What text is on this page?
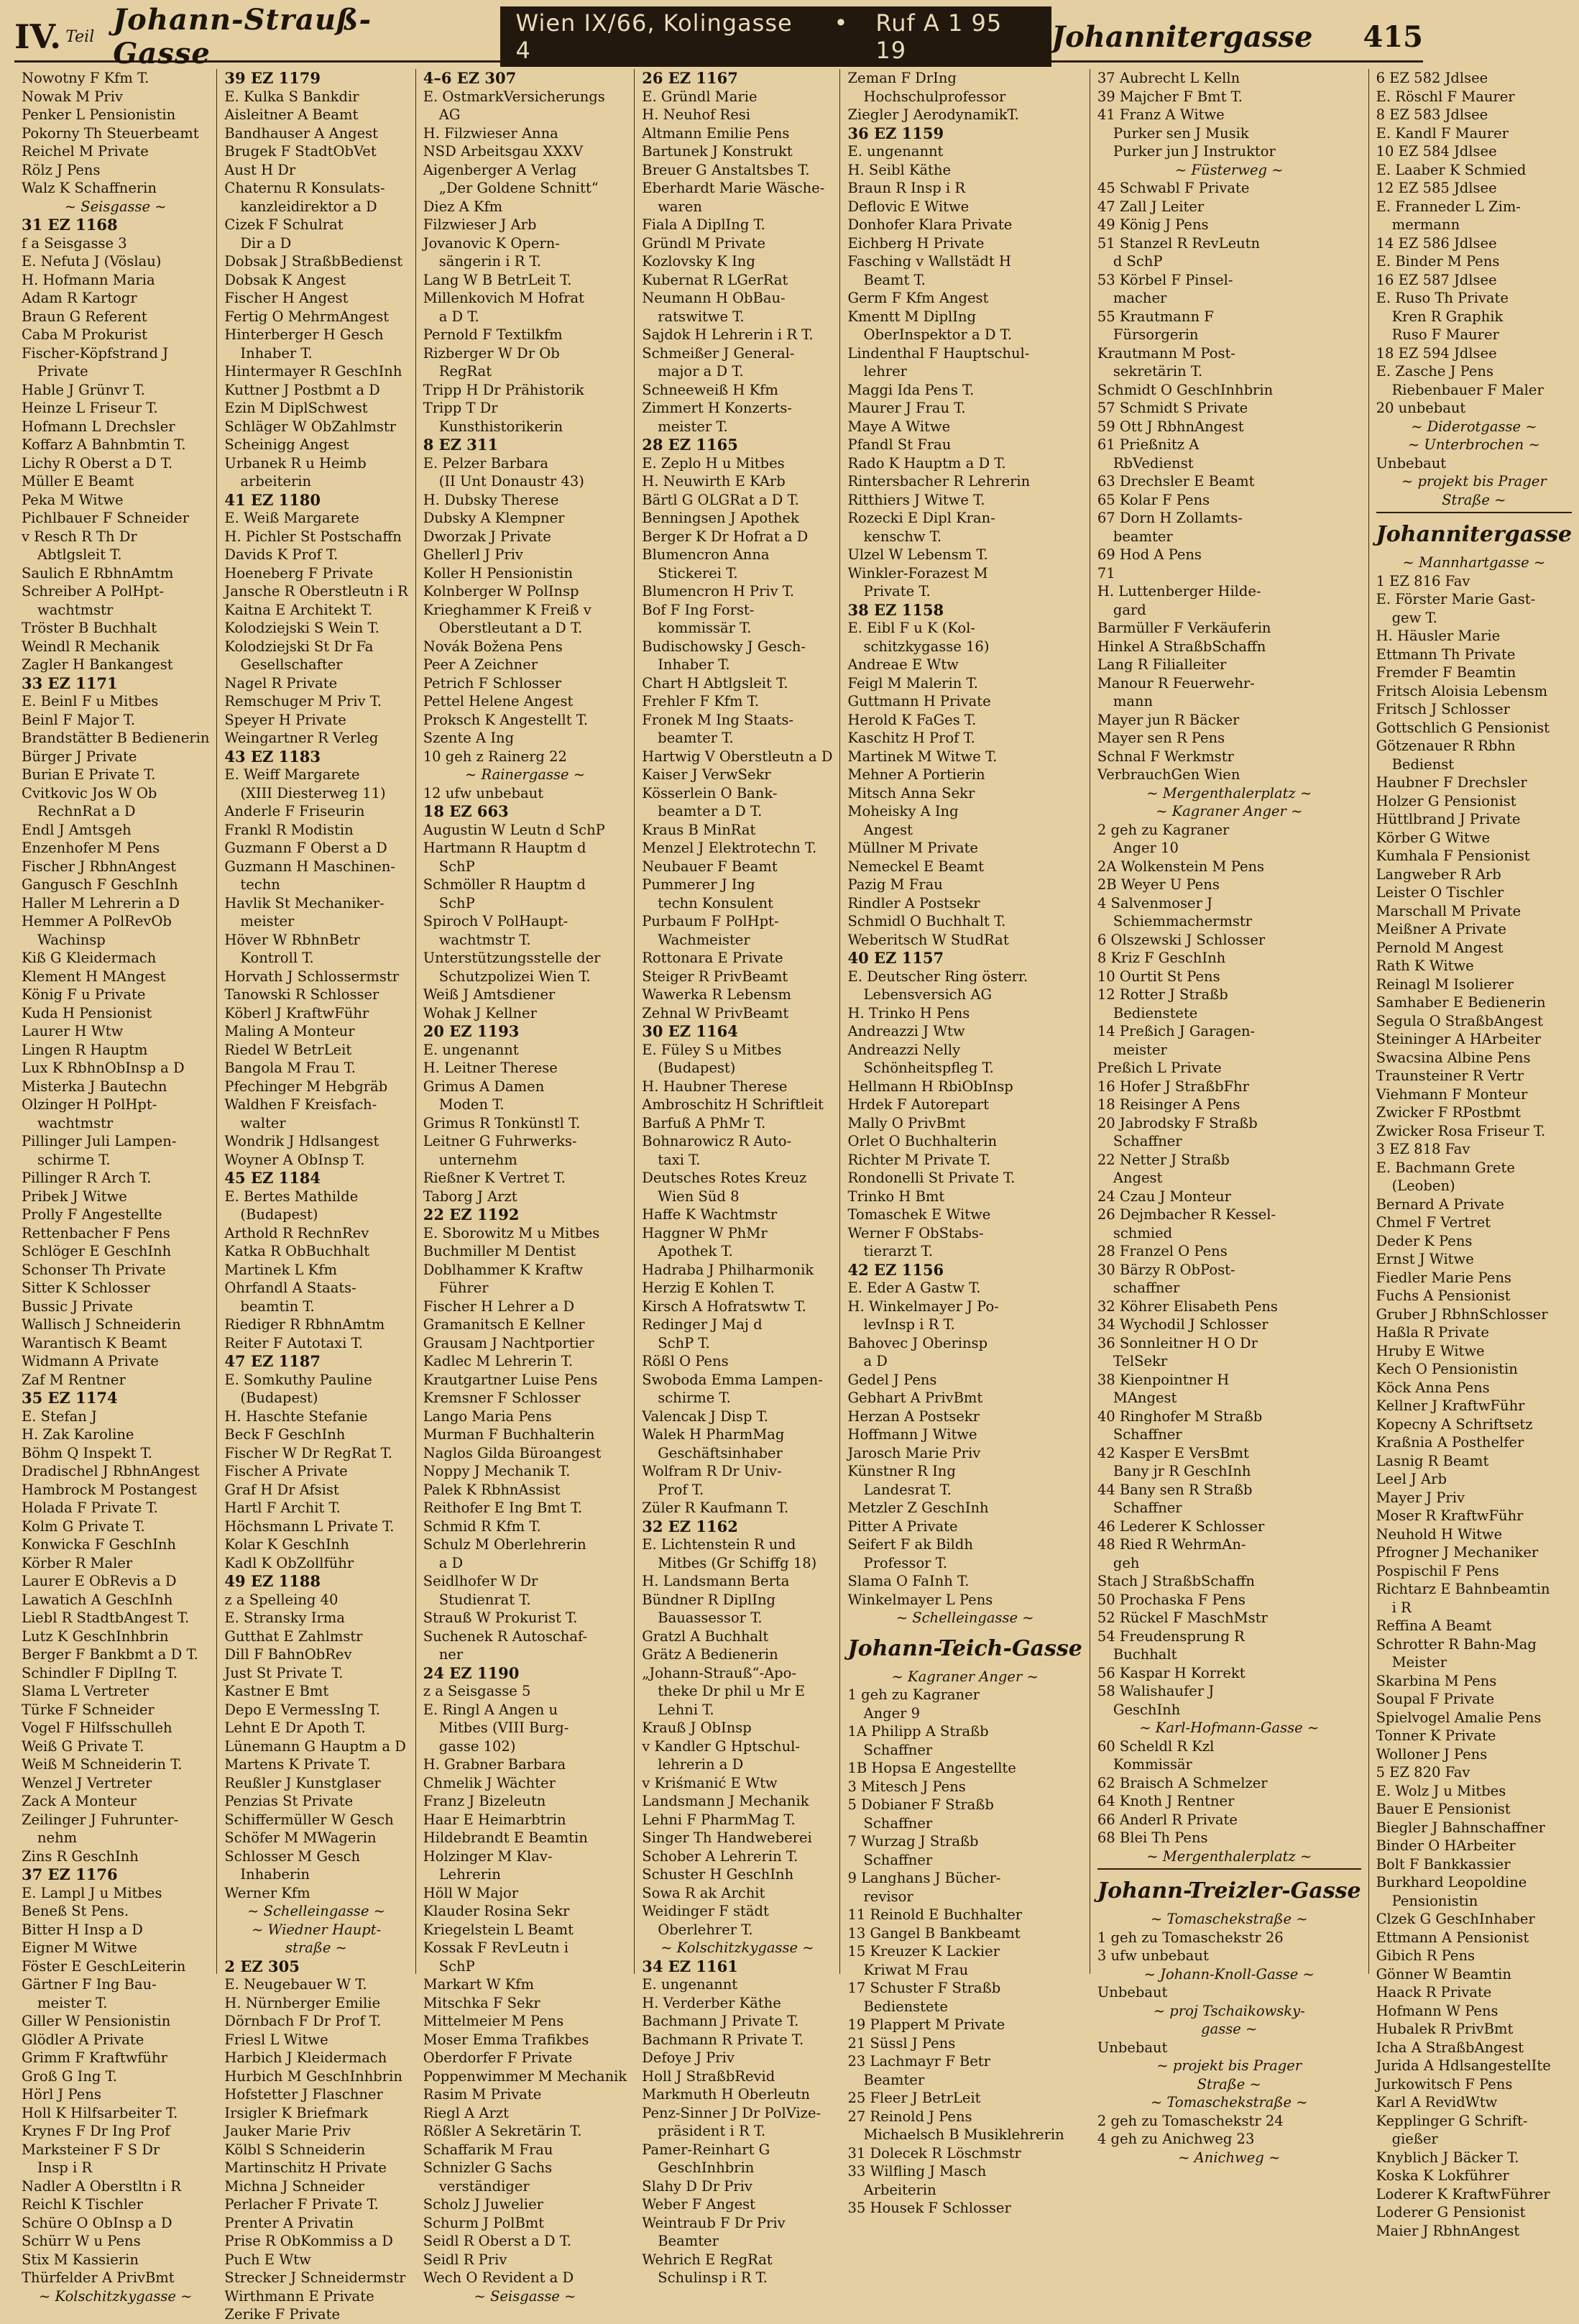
IV. Teil Johann-Strauß-Gasse
Wien IX/66, Kolingasse 4
• Ruf A 1 95 19	Johannitergasse 415
Nowotny F Kfm T.
Nowak M Priv
Penker L Pensionistin
Pokorny Th Steuerbeamt
Reichel M Private
Rölz J Pens
Walz K Schaffnerin
~ Seisgasse ~
31 EZ 1168
f a Seisgasse 3
E. Nefuta J (Vöslau)
H. Hofmann Maria
Adam R Kartogr
Braun G Referent
Caba M Prokurist
Fischer-Köpfstrand J
Private
Hable J Grünvr T.
Heinze L Friseur T.
Hofmann L Drechsler
Koffarz A Bahnbmtin T.
Lichy R Oberst a D T.
Müller E Beamt
Peka M Witwe
Pichlbauer F Schneider
v Resch R Th Dr
Abtlgsleit T.
Saulich E RbhnAmtm
Schreiber A PolHpt-
wachtmstr
Tröster B Buchhalt
Weindl R Mechanik
Zagler H Bankangest
33 EZ 1171
E. Beinl F u Mitbes
Beinl F Major T.
Brandstätter B Bedienerin
Bürger J Private
Burian E Private T.
Cvitkovic Jos W Ob
RechnRat a D
Endl J Amtsgeh
Enzenhofer M Pens
Fischer J RbhnAngest
Gangusch F GeschInh
Haller M Lehrerin a D
Hemmer A PolRevOb
Wachinsp
Kiß G Kleidermach
Klement H MAngest
König F u Private
Kuda H Pensionist
Laurer H Wtw
Lingen R Hauptm
Lux K RbhnObInsp a D
Misterka J Bautechn
Olzinger H PolHpt-
wachtmstr
Pillinger Juli Lampen-
schirme T.
Pillinger R Arch T.
Pribek J Witwe
Prolly F Angestellte
Rettenbacher F Pens
Schlöger E GeschInh
Schonser Th Private
Sitter K Schlosser
Bussic J Private
Wallisch J Schneiderin
Warantisch K Beamt
Widmann A Private
Zaf M Rentner
35 EZ 1174
E. Stefan J
H. Zak Karoline
Böhm Q Inspekt T.
Dradischel J RbhnAngest
Hambrock M Postangest
Holada F Private T.
Kolm G Private T.
Konwicka F GeschInh
Körber R Maler
Laurer E ObRevis a D
Lawatich A GeschInh
Liebl R StadtbAngest T.
Lutz K GeschInhbrin
Berger F Bankbmt a D T.
Schindler F DiplIng T.
Slama L Vertreter
Türke F Schneider
Vogel F Hilfsschulleh
Weiß G Private T.
Weiß M Schneiderin T.
Wenzel J Vertreter
Zack A Monteur
Zeilinger J Fuhrunter-
nehm
Zins R GeschInh
37 EZ 1176
E. Lampl J u Mitbes
Beneß St Pens.
Bitter H Insp a D
Eigner M Witwe
Föster E GeschLeiterin
Gärtner F Ing Bau-
meister T.
Giller W Pensionistin
Glödler A Private
Grimm F Kraftwführ
Groß G Ing T.
Hörl J Pens
Holl K Hilfsarbeiter T.
Krynes F Dr Ing Prof
Marksteiner F S Dr
Insp i R
Nadler A Oberstltn i R
Reichl K Tischler
Schüre O ObInsp a D
Schürr W u Pens
Stix M Kassierin
Thürfelder A PrivBmt
~ Kolschitzkygasse ~
39 EZ 1179
E. Kulka S Bankdir
Aisleitner A Beamt
Bandhauser A Angest
Brugek F StadtObVet
Aust H Dr
Chaternu R Konsulats-
kanzleidirektor a D
Cizek F Schulrat
Dir a D
Dobsak J StraßbBedienst
Dobsak K Angest
Fischer H Angest
Fertig O MehrmAngest
Hinterberger H Gesch
Inhaber T.
Hintermayer R GeschInh
Kuttner J Postbmt a D
Ezin M DiplSchwest
Schläger W ObZahlmstr
Scheinigg Angest
Urbanek R u Heimb
arbeiterin
41 EZ 1180
E. Weiß Margarete
H. Pichler St Postschaffn
Davids K Prof T.
Hoeneberg F Private
Jansche R Oberstleutn i R
Kaitna E Architekt T.
Kolodziejski S Wein T.
Kolodziejski St Dr Fa
Gesellschafter
Nagel R Private
Remschuger M Priv T.
Speyer H Private
Weingartner R Verleg
43 EZ 1183
E. Weiff Margarete
(XIII Diesterweg 11)
Anderle F Friseurin
Frankl R Modistin
Guzmann F Oberst a D
Guzmann H Maschinen-
techn
Havlik St Mechaniker-
meister
Höver W RbhnBetr
Kontroll T.
Horvath J Schlossermstr
Tanowski R Schlosser
Köberl J KraftwFühr
Maling A Monteur
Riedel W BetrLeit
Bangola M Frau T.
Pfechinger M Hebgräb
Waldhen F Kreisfach-
walter
Wondrik J Hdlsangest
Woyner A ObInsp T.
45 EZ 1184
E. Bertes Mathilde
(Budapest)
Arthold R RechnRev
Katka R ObBuchhalt
Martinek L Kfm
Ohrfandl A Staats-
beamtin T.
Riediger R RbhnAmtm
Reiter F Autotaxi T.
47 EZ 1187
E. Somkuthy Pauline
(Budapest)
H. Haschte Stefanie
Beck F GeschInh
Fischer W Dr RegRat T.
Fischer A Private
Graf H Dr Afsist
Hartl F Archit T.
Höchsmann L Private T.
Kolar K GeschInh
Kadl K ObZollführ
49 EZ 1188
z a Spelleing 40
E. Stransky Irma
Gutthat E Zahlmstr
Dill F BahnObRev
Just St Private T.
Kastner E Bmt
Depo E VermessIng T.
Lehnt E Dr Apoth T.
Lünemann G Hauptm a D
Martens K Private T.
Reußler J Kunstglaser
Penzias St Private
Schiffermüller W Gesch
Schöfer M MWagerin
Schlosser M Gesch
Inhaberin
Werner Kfm
~ Schelleingasse ~
~ Wiedner Haupt-
straße ~
2 EZ 305
E. Neugebauer W T.
H. Nürnberger Emilie
Dörnbach F Dr Prof T.
Friesl L Witwe
Harbich J Kleidermach
Hurbich M GeschInhbrin
Hofstetter J Flaschner
Irsigler K Briefmark
Jauker Marie Priv
Kölbl S Schneiderin
Martinschitz H Private
Michna J Schneider
Perlacher F Private T.
Prenter A Privatin
Prise R ObKommiss a D
Puch E Wtw
Strecker J Schneidermstr
Wirthmann E Private
Zerike F Private
4–6 EZ 307
E. OstmarkVersicherungs
AG
H. Filzwieser Anna
NSD Arbeitsgau XXXV
Aigenberger A Verlag
„Der Goldene Schnitt“
Diez A Kfm
Filzwieser J Arb
Jovanovic K Opern-
sängerin i R T.
Lang W B BetrLeit T.
Millenkovich M Hofrat
a D T.
Pernold F Textilkfm
Rizberger W Dr Ob
RegRat
Tripp H Dr Prähistorik
Tripp T Dr
Kunsthistorikerin
8 EZ 311
E. Pelzer Barbara
(II Unt Donaustr 43)
H. Dubsky Therese
Dubsky A Klempner
Dworzak J Private
Ghellerl J Priv
Koller H Pensionistin
Kolnberger W PolInsp
Krieghammer K Freiß v
Oberstleutant a D T.
Novák Božena Pens
Peer A Zeichner
Petrich F Schlosser
Pettel Helene Angest
Proksch K Angestellt T.
Szente A Ing
10 geh z Rainerg 22
~ Rainergasse ~
12 ufw unbebaut
18 EZ 663
Augustin W Leutn d SchP
Hartmann R Hauptm d
SchP
Schmöller R Hauptm d
SchP
Spiroch V PolHaupt-
wachtmstr T.
Unterstützungsstelle der
Schutzpolizei Wien T.
Weiß J Amtsdiener
Wohak J Kellner
20 EZ 1193
E. ungenannt
H. Leitner Therese
Grimus A Damen
Moden T.
Grimus R Tonkünstl T.
Leitner G Fuhrwerks-
unternehm
Rießner K Vertret T.
Taborg J Arzt
22 EZ 1192
E. Sborowitz M u Mitbes
Buchmiller M Dentist
Doblhammer K Kraftw
Führer
Fischer H Lehrer a D
Gramanitsch E Kellner
Grausam J Nachtportier
Kadlec M Lehrerin T.
Krautgartner Luise Pens
Kremsner F Schlosser
Lango Maria Pens
Murman F Buchhalterin
Naglos Gilda Büroangest
Noppy J Mechanik T.
Palek K RbhnAssist
Reithofer E Ing Bmt T.
Schmid R Kfm T.
Schulz M Oberlehrerin
a D
Seidlhofer W Dr
Studienrat T.
Strauß W Prokurist T.
Suchenek R Autoschaf-
ner
24 EZ 1190
z a Seisgasse 5
E. Ringl A Angen u
Mitbes (VIII Burg-
gasse 102)
H. Grabner Barbara
Chmelik J Wächter
Franz J Bizeleutn
Haar E Heimarbtrin
Hildebrandt E Beamtin
Holzinger M Klav-
Lehrerin
Höll W Major
Klauder Rosina Sekr
Kriegelstein L Beamt
Kossak F RevLeutn i
SchP
Markart W Kfm
Mitschka F Sekr
Mittelmeier M Pens
Moser Emma Trafikbes
Oberdorfer F Private
Poppenwimmer M Mechanik
Rasim M Private
Riegl A Arzt
Rößler A Sekretärin T.
Schaffarik M Frau
Schnizler G Sachs
verständiger
Scholz J Juwelier
Schurm J PolBmt
Seidl R Oberst a D T.
Seidl R Priv
Wech O Revident a D
~ Seisgasse ~
26 EZ 1167
E. Gründl Marie
H. Neuhof Resi
Altmann Emilie Pens
Bartunek J Konstrukt
Breuer G Anstaltsbes T.
Eberhardt Marie Wäsche-
waren
Fiala A DiplIng T.
Gründl M Private
Kozlovsky K Ing
Kubernat R LGerRat
Neumann H ObBau-
ratswitwe T.
Sajdok H Lehrerin i R T.
Schmeißer J General-
major a D T.
Schneeweiß H Kfm
Zimmert H Konzerts-
meister T.
28 EZ 1165
E. Zeplo H u Mitbes
H. Neuwirth E KArb
Bärtl G OLGRat a D T.
Benningsen J Apothek
Berger K Dr Hofrat a D
Blumencron Anna
Stickerei T.
Blumencron H Priv T.
Bof F Ing Forst-
kommissär T.
Budischowsky J Gesch-
Inhaber T.
Chart H Abtlgsleit T.
Frehler F Kfm T.
Fronek M Ing Staats-
beamter T.
Hartwig V Oberstleutn a D
Kaiser J VerwSekr
Kösserlein O Bank-
beamter a D T.
Kraus B MinRat
Menzel J Elektrotechn T.
Neubauer F Beamt
Pummerer J Ing
techn Konsulent
Purbaum F PolHpt-
Wachmeister
Rottonara E Private
Steiger R PrivBeamt
Wawerka R Lebensm
Zehnal W PrivBeamt
30 EZ 1164
E. Füley S u Mitbes
(Budapest)
H. Haubner Therese
Ambroschitz H Schriftleit
Barfuß A PhMr T.
Bohnarowicz R Auto-
taxi T.
Deutsches Rotes Kreuz
Wien Süd 8
Haffe K Wachtmstr
Haggner W PhMr
Apothek T.
Hadraba J Philharmonik
Herzig E Kohlen T.
Kirsch A Hofratswtw T.
Redinger J Maj d
SchP T.
Rößl O Pens
Swoboda Emma Lampen-
schirme T.
Valencak J Disp T.
Walek H PharmMag
Geschäftsinhaber
Wolfram R Dr Univ-
Prof T.
Züler R Kaufmann T.
32 EZ 1162
E. Lichtenstein R und
Mitbes (Gr Schiffg 18)
H. Landsmann Berta
Bündner R DiplIng
Bauassessor T.
Gratzl A Buchhalt
Grätz A Bedienerin
„Johann-Strauß“-Apo-
theke Dr phil u Mr E
Lehni T.
Krauß J ObInsp
v Kandler G Hptschul-
lehrerin a D
v Kriśmanić E Wtw
Landsmann J Mechanik
Lehni F PharmMag T.
Singer Th Handweberei
Schober A Lehrerin T.
Schuster H GeschInh
Sowa R ak Archit
Weidinger F städt
Oberlehrer T.
~ Kolschitzkygasse ~
34 EZ 1161
E. ungenannt
H. Verderber Käthe
Bachmann J Private T.
Bachmann R Private T.
Defoye J Priv
Holl J StraßbRevid
Markmuth H Oberleutn
Penz-Sinner J Dr PolVize-
präsident i R T.
Pamer-Reinhart G
GeschInhbrin
Slahy D Dr Priv
Weber F Angest
Weintraub F Dr Priv
Beamter
Wehrich E RegRat
Schulinsp i R T.
Zeman F DrIng
Hochschulprofessor
Ziegler J AerodynamikT.
36 EZ 1159
E. ungenannt
H. Seibl Käthe
Braun R Insp i R
Deflovic E Witwe
Donhofer Klara Private
Eichberg H Private
Fasching v Wallstädt H
Beamt T.
Germ F Kfm Angest
Kmentt M DiplIng
OberInspektor a D T.
Lindenthal F Hauptschul-
lehrer
Maggi Ida Pens T.
Maurer J Frau T.
Maye A Witwe
Pfandl St Frau
Rado K Hauptm a D T.
Rintersbacher R Lehrerin
Ritthiers J Witwe T.
Rozecki E Dipl Kran-
kenschw T.
Ulzel W Lebensm T.
Winkler-Forazest M
Private T.
38 EZ 1158
E. Eibl F u K (Kol-
schitzkygasse 16)
Andreae E Wtw
Feigl M Malerin T.
Guttmann H Private
Herold K FaGes T.
Kaschitz H Prof T.
Martinek M Witwe T.
Mehner A Portierin
Mitsch Anna Sekr
Moheisky A Ing
Angest
Müllner M Private
Nemeckel E Beamt
Pazig M Frau
Rindler A Postsekr
Schmidl O Buchhalt T.
Weberitsch W StudRat
40 EZ 1157
E. Deutscher Ring österr.
Lebensversich AG
H. Trinko H Pens
Andreazzi J Wtw
Andreazzi Nelly
Schönheitspfleg T.
Hellmann H RbiObInsp
Hrdek F Autorepart
Mally O PrivBmt
Orlet O Buchhalterin
Richter M Private T.
Rondonelli St Private T.
Trinko H Bmt
Tomaschek E Witwe
Werner F ObStabs-
tierarzt T.
42 EZ 1156
E. Eder A Gastw T.
H. Winkelmayer J Po-
levInsp i R T.
Bahovec J Oberinsp
a D
Gedel J Pens
Gebhart A PrivBmt
Herzan A Postsekr
Hoffmann J Witwe
Jarosch Marie Priv
Künstner R Ing
Landesrat T.
Metzler Z GeschInh
Pitter A Private
Seifert F ak Bildh
Professor T.
Slama O FaInh T.
Winkelmayer L Pens
~ Schelleingasse ~
Johann-Teich-Gasse
~ Kagraner Anger ~
1 geh zu Kagraner
Anger 9
1A Philipp A Straßb
Schaffner
1B Hopsa E Angestellte
3 Mitesch J Pens
5 Dobianer F Straßb
Schaffner
7 Wurzag J Straßb
Schaffner
9 Langhans J Bücher-
revisor
11 Reinold E Buchhalter
13 Gangel B Bankbeamt
15 Kreuzer K Lackier
Kriwat M Frau
17 Schuster F Straßb
Bedienstete
19 Plappert M Private
21 Süssl J Pens
23 Lachmayr F Betr
Beamter
25 Fleer J BetrLeit
27 Reinold J Pens
Michaelsch B Musiklehrerin
31 Dolecek R Löschmstr
33 Wilfling J Masch
Arbeiterin
35 Housek F Schlosser
37 Aubrecht L Kelln
39 Majcher F Bmt T.
41 Franz A Witwe
Purker sen J Musik
Purker jun J Instruktor
~ Füsterweg ~
45 Schwabl F Private
47 Zall J Leiter
49 König J Pens
51 Stanzel R RevLeutn
d SchP
53 Körbel F Pinsel-
macher
55 Krautmann F
Fürsorgerin
Krautmann M Post-
sekretärin T.
Schmidt O GeschInhbrin
57 Schmidt S Private
59 Ott J RbhnAngest
61 Prießnitz A
RbVedienst
63 Drechsler E Beamt
65 Kolar F Pens
67 Dorn H Zollamts-
beamter
69 Hod A Pens
71
H. Luttenberger Hilde-
gard
Barmüller F Verkäuferin
Hinkel A StraßbSchaffn
Lang R Filialleiter
Manour R Feuerwehr-
mann
Mayer jun R Bäcker
Mayer sen R Pens
Schnal F Werkmstr
VerbrauchGen Wien
~ Mergenthalerplatz ~
~ Kagraner Anger ~
2 geh zu Kagraner
Anger 10
2A Wolkenstein M Pens
2B Weyer U Pens
4 Salvenmoser J
Schiemmachermstr
6 Olszewski J Schlosser
8 Kriz F GeschInh
10 Ourtit St Pens
12 Rotter J Straßb
Bedienstete
14 Preßich J Garagen-
meister
Preßich L Private
16 Hofer J StraßbFhr
18 Reisinger A Pens
20 Jabrodsky F Straßb
Schaffner
22 Netter J Straßb
Angest
24 Czau J Monteur
26 Dejmbacher R Kessel-
schmied
28 Franzel O Pens
30 Bärzy R ObPost-
schaffner
32 Köhrer Elisabeth Pens
34 Wychodil J Schlosser
36 Sonnleitner H O Dr
TelSekr
38 Kienpointner H
MAngest
40 Ringhofer M Straßb
Schaffner
42 Kasper E VersBmt
Bany jr R GeschInh
44 Bany sen R Straßb
Schaffner
46 Lederer K Schlosser
48 Ried R WehrmAn-
geh
Stach J StraßbSchaffn
50 Prochaska F Pens
52 Rückel F MaschMstr
54 Freudensprung R
Buchhalt
56 Kaspar H Korrekt
58 Walishaufer J
GeschInh
~ Karl-Hofmann-Gasse ~
60 Scheldl R Kzl
Kommissär
62 Braisch A Schmelzer
64 Knoth J Rentner
66 Anderl R Private
68 Blei Th Pens
~ Mergenthalerplatz ~
Johann-Treizler-Gasse
~ Tomaschekstraße ~
1 geh zu Tomaschekstr 26
3 ufw unbebaut
~ Johann-Knoll-Gasse ~
Unbebaut
~ proj Tschaikowsky-
gasse ~
Unbebaut
~ projekt bis Prager
Straße ~
~ Tomaschekstraße ~
2 geh zu Tomaschekstr 24
4 geh zu Anichweg 23
~ Anichweg ~
6 EZ 582 Jdlsee
E. Röschl F Maurer
8 EZ 583 Jdlsee
E. Kandl F Maurer
10 EZ 584 Jdlsee
E. Laaber K Schmied
12 EZ 585 Jdlsee
E. Franneder L Zim-
mermann
14 EZ 586 Jdlsee
E. Binder M Pens
16 EZ 587 Jdlsee
E. Ruso Th Private
Kren R Graphik
Ruso F Maurer
18 EZ 594 Jdlsee
E. Zasche J Pens
Riebenbauer F Maler
20 unbebaut
~ Diderotgasse ~
~ Unterbrochen ~
Unbebaut
~ projekt bis Prager
Straße ~
Johannitergasse
~ Mannhartgasse ~
1 EZ 816 Fav
E. Förster Marie Gast-
gew T.
H. Häusler Marie
Ettmann Th Private
Fremder F Beamtin
Fritsch Aloisia Lebensm
Fritsch J Schlosser
Gottschlich G Pensionist
Götzenauer R Rbhn
Bedienst
Haubner F Drechsler
Holzer G Pensionist
Hüttlbrand J Private
Körber G Witwe
Kumhala F Pensionist
Langweber R Arb
Leister O Tischler
Marschall M Private
Meißner A Private
Pernold M Angest
Rath K Witwe
Reinagl M Isolierer
Samhaber E Bedienerin
Segula O StraßbAngest
Steininger A HArbeiter
Swacsina Albine Pens
Traunsteiner R Vertr
Viehmann F Monteur
Zwicker F RPostbmt
Zwicker Rosa Friseur T.
3 EZ 818 Fav
E. Bachmann Grete
(Leoben)
Bernard A Private
Chmel F Vertret
Deder K Pens
Ernst J Witwe
Fiedler Marie Pens
Fuchs A Pensionist
Gruber J RbhnSchlosser
Haßla R Private
Hruby E Witwe
Kech O Pensionistin
Köck Anna Pens
Kellner J KraftwFühr
Kopecny A Schriftsetz
Kraßnia A Posthelfer
Lasnig R Beamt
Leel J Arb
Mayer J Priv
Moser R KraftwFühr
Neuhold H Witwe
Pfrogner J Mechaniker
Pospischil F Pens
Richtarz E Bahnbeamtin
i R
Reffina A Beamt
Schrotter R Bahn-Mag
Meister
Skarbina M Pens
Soupal F Private
Spielvogel Amalie Pens
Tonner K Private
Wolloner J Pens
5 EZ 820 Fav
E. Wolz J u Mitbes
Bauer E Pensionist
Biegler J Bahnschaffner
Binder O HArbeiter
Bolt F Bankkassier
Burkhard Leopoldine
Pensionistin
Clzek G GeschInhaber
Ettmann A Pensionist
Gibich R Pens
Gönner W Beamtin
Haack R Private
Hofmann W Pens
Hubalek R PrivBmt
Icha A StraßbAngest
Jurida A HdlsangestelIte
Jurkowitsch F Pens
Karl A RevidWtw
Kepplinger G Schrift-
gießer
Knyblich J Bäcker T.
Koska K Lokführer
Loderer K KraftwFührer
Loderer G Pensionist
Maier J RbhnAngest
